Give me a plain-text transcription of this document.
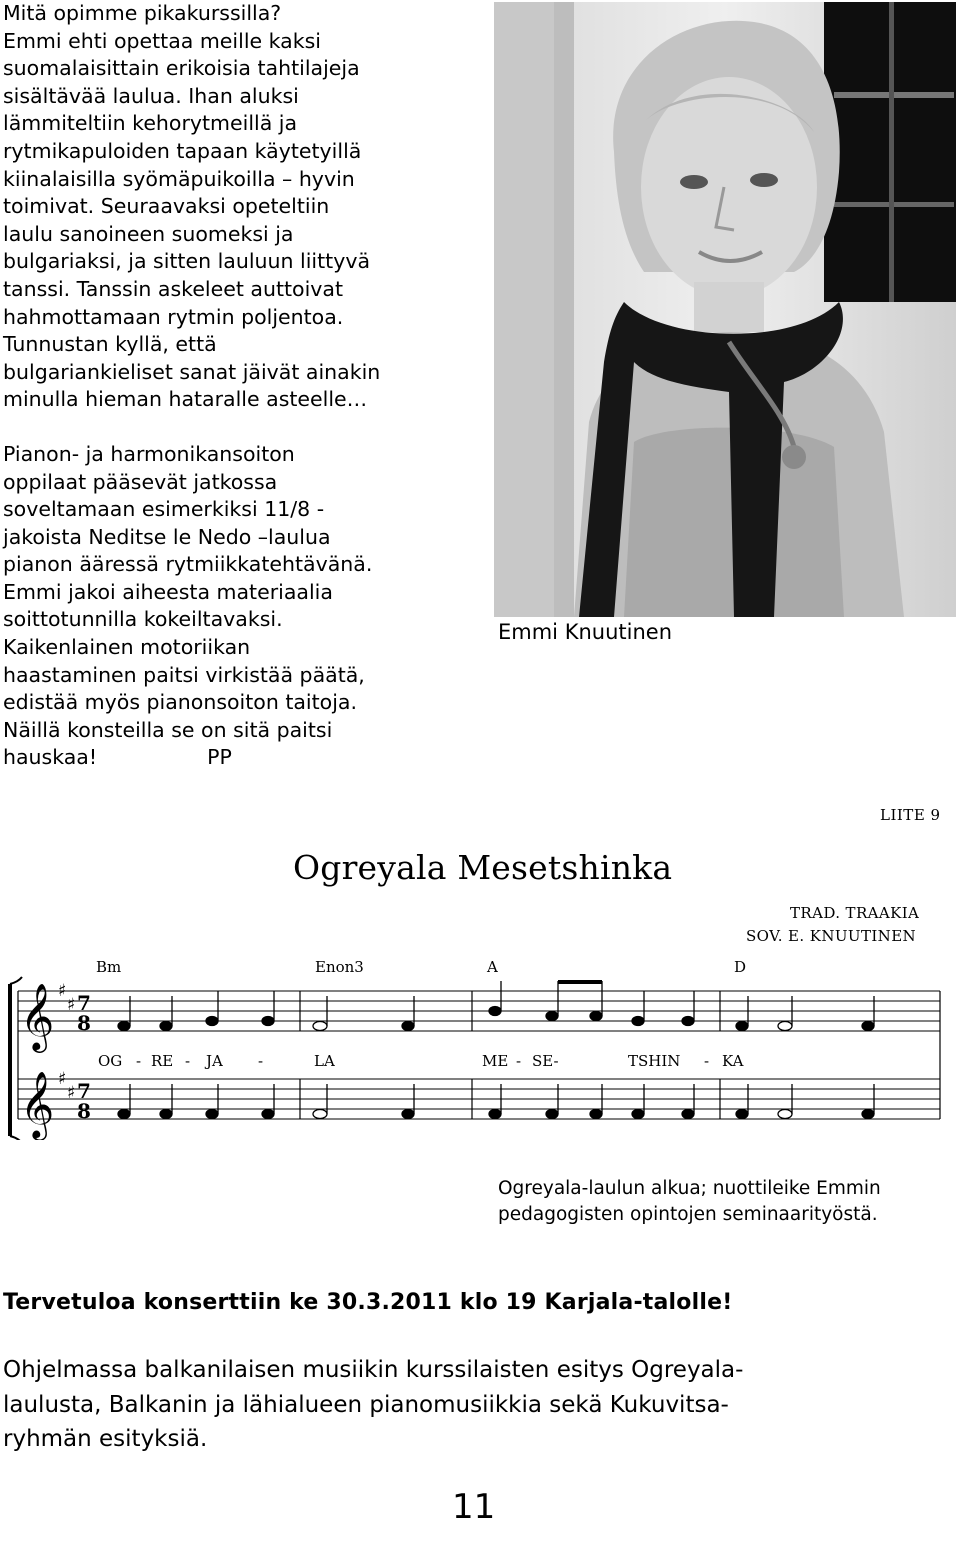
Mitä opimme pikakurssilla?
Emmi ehti opettaa meille kaksi
suomalaisittain erikoisia tahtilajeja
sisältävää laulua. Ihan aluksi
lämmiteltiin kehorytmeillä ja
rytmikapuloiden tapaan käytetyillä
kiinalaisilla syömäpuikoilla – hyvin
toimivat. Seuraavaksi opeteltiin
laulu sanoineen suomeksi ja
bulgariaksi, ja sitten lauluun liittyvä
tanssi. Tanssin askeleet auttoivat
hahmottamaan rytmin poljentoa.
Tunnustan kyllä, että
bulgariankieliset sanat jäivät ainakin
minulla hieman hataralle asteelle…

Pianon- ja harmonikansoiton
oppilaat pääsevät jatkossa
soveltamaan esimerkiksi 11/8 -
jakoista Neditse le Nedo –laulua
pianon ääressä rytmiikkatehtävänä.
Emmi jakoi aiheesta materiaalia
soittotunnilla kokeiltavaksi.
Kaikenlainen motoriikan
haastaminen paitsi virkistää päätä,
edistää myös pianonsoiton taitoja.
Näillä konsteilla se on sitä paitsi
hauskaa!	PP

Emmi Knuutinen
LIITE 9
Ogreyala Mesetshinka
TRAD. TRAAKIA
SOV. E. KNUUTINEN
Bm	Enon3	A	D
𝄞
𝄞
♯
♯
♯
♯
7
8
7
8
OG - RE - JA -	LA	ME - SE-	TSHIN - KA

Ogreyala-laulun alkua; nuottileike Emmin

pedagogisten opintojen seminaarityöstä.

Tervetuloa konserttiin ke 30.3.2011 klo 19 Karjala-talolle!

Ohjelmassa balkanilaisen musiikin kurssilaisten esitys Ogreyala-
laulusta, Balkanin ja lähialueen pianomusiikkia sekä Kukuvitsa-
ryhmän esityksiä.

11
